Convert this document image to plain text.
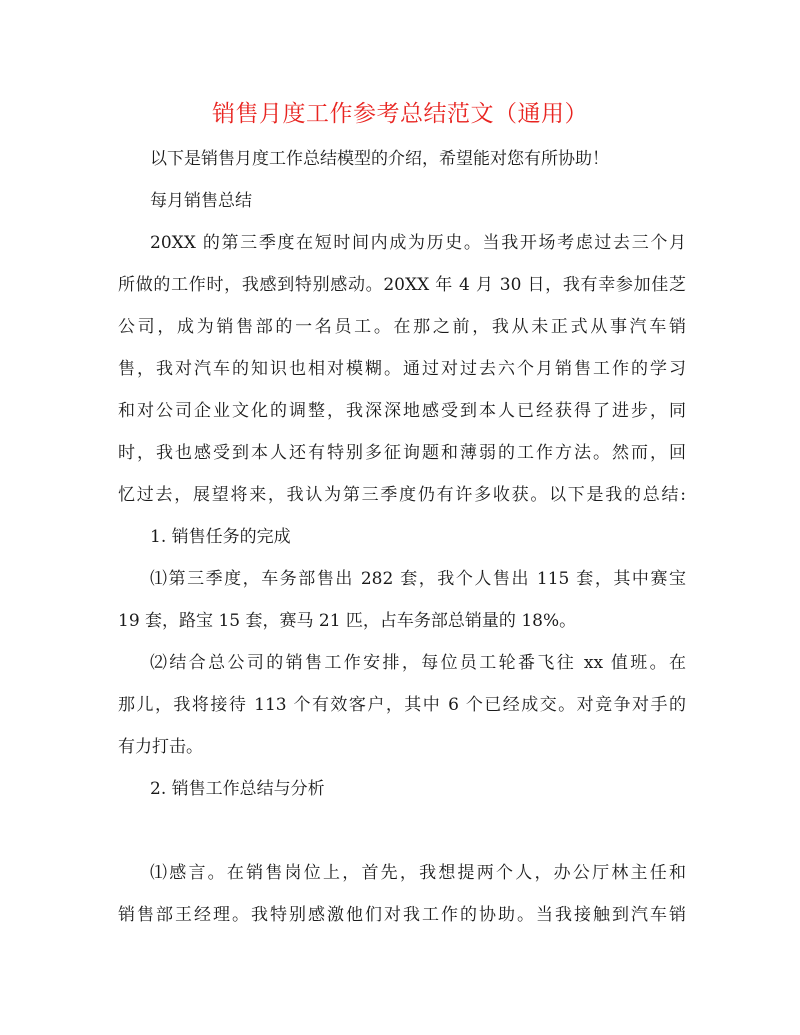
销售月度工作参考总结范文（通用）

以下是销售月度工作总结模型的介绍，希望能对您有所协助！

每月销售总结

20XX 的第三季度在短时间内成为历史。当我开场考虑过去三个月

所做的工作时，我感到特别感动。20XX 年 4 月 30 日，我有幸参加佳芝

公司，成为销售部的一名员工。在那之前，我从未正式从事汽车销

售，我对汽车的知识也相对模糊。通过对过去六个月销售工作的学习

和对公司企业文化的调整，我深深地感受到本人已经获得了进步，同

时，我也感受到本人还有特别多征询题和薄弱的工作方法。然而，回

忆过去，展望将来，我认为第三季度仍有许多收获。以下是我的总结:

1. 销售任务的完成

⑴第三季度，车务部售出 282 套，我个人售出 115 套，其中赛宝

19 套，路宝 15 套，赛马 21 匹，占车务部总销量的 18%。

⑵结合总公司的销售工作安排，每位员工轮番飞往 xx 值班。在

那儿，我将接待 113 个有效客户，其中 6 个已经成交。对竞争对手的

有力打击。

2. 销售工作总结与分析

⑴感言。在销售岗位上，首先，我想提两个人，办公厅林主任和

销售部王经理。我特别感激他们对我工作的协助。当我接触到汽车销
